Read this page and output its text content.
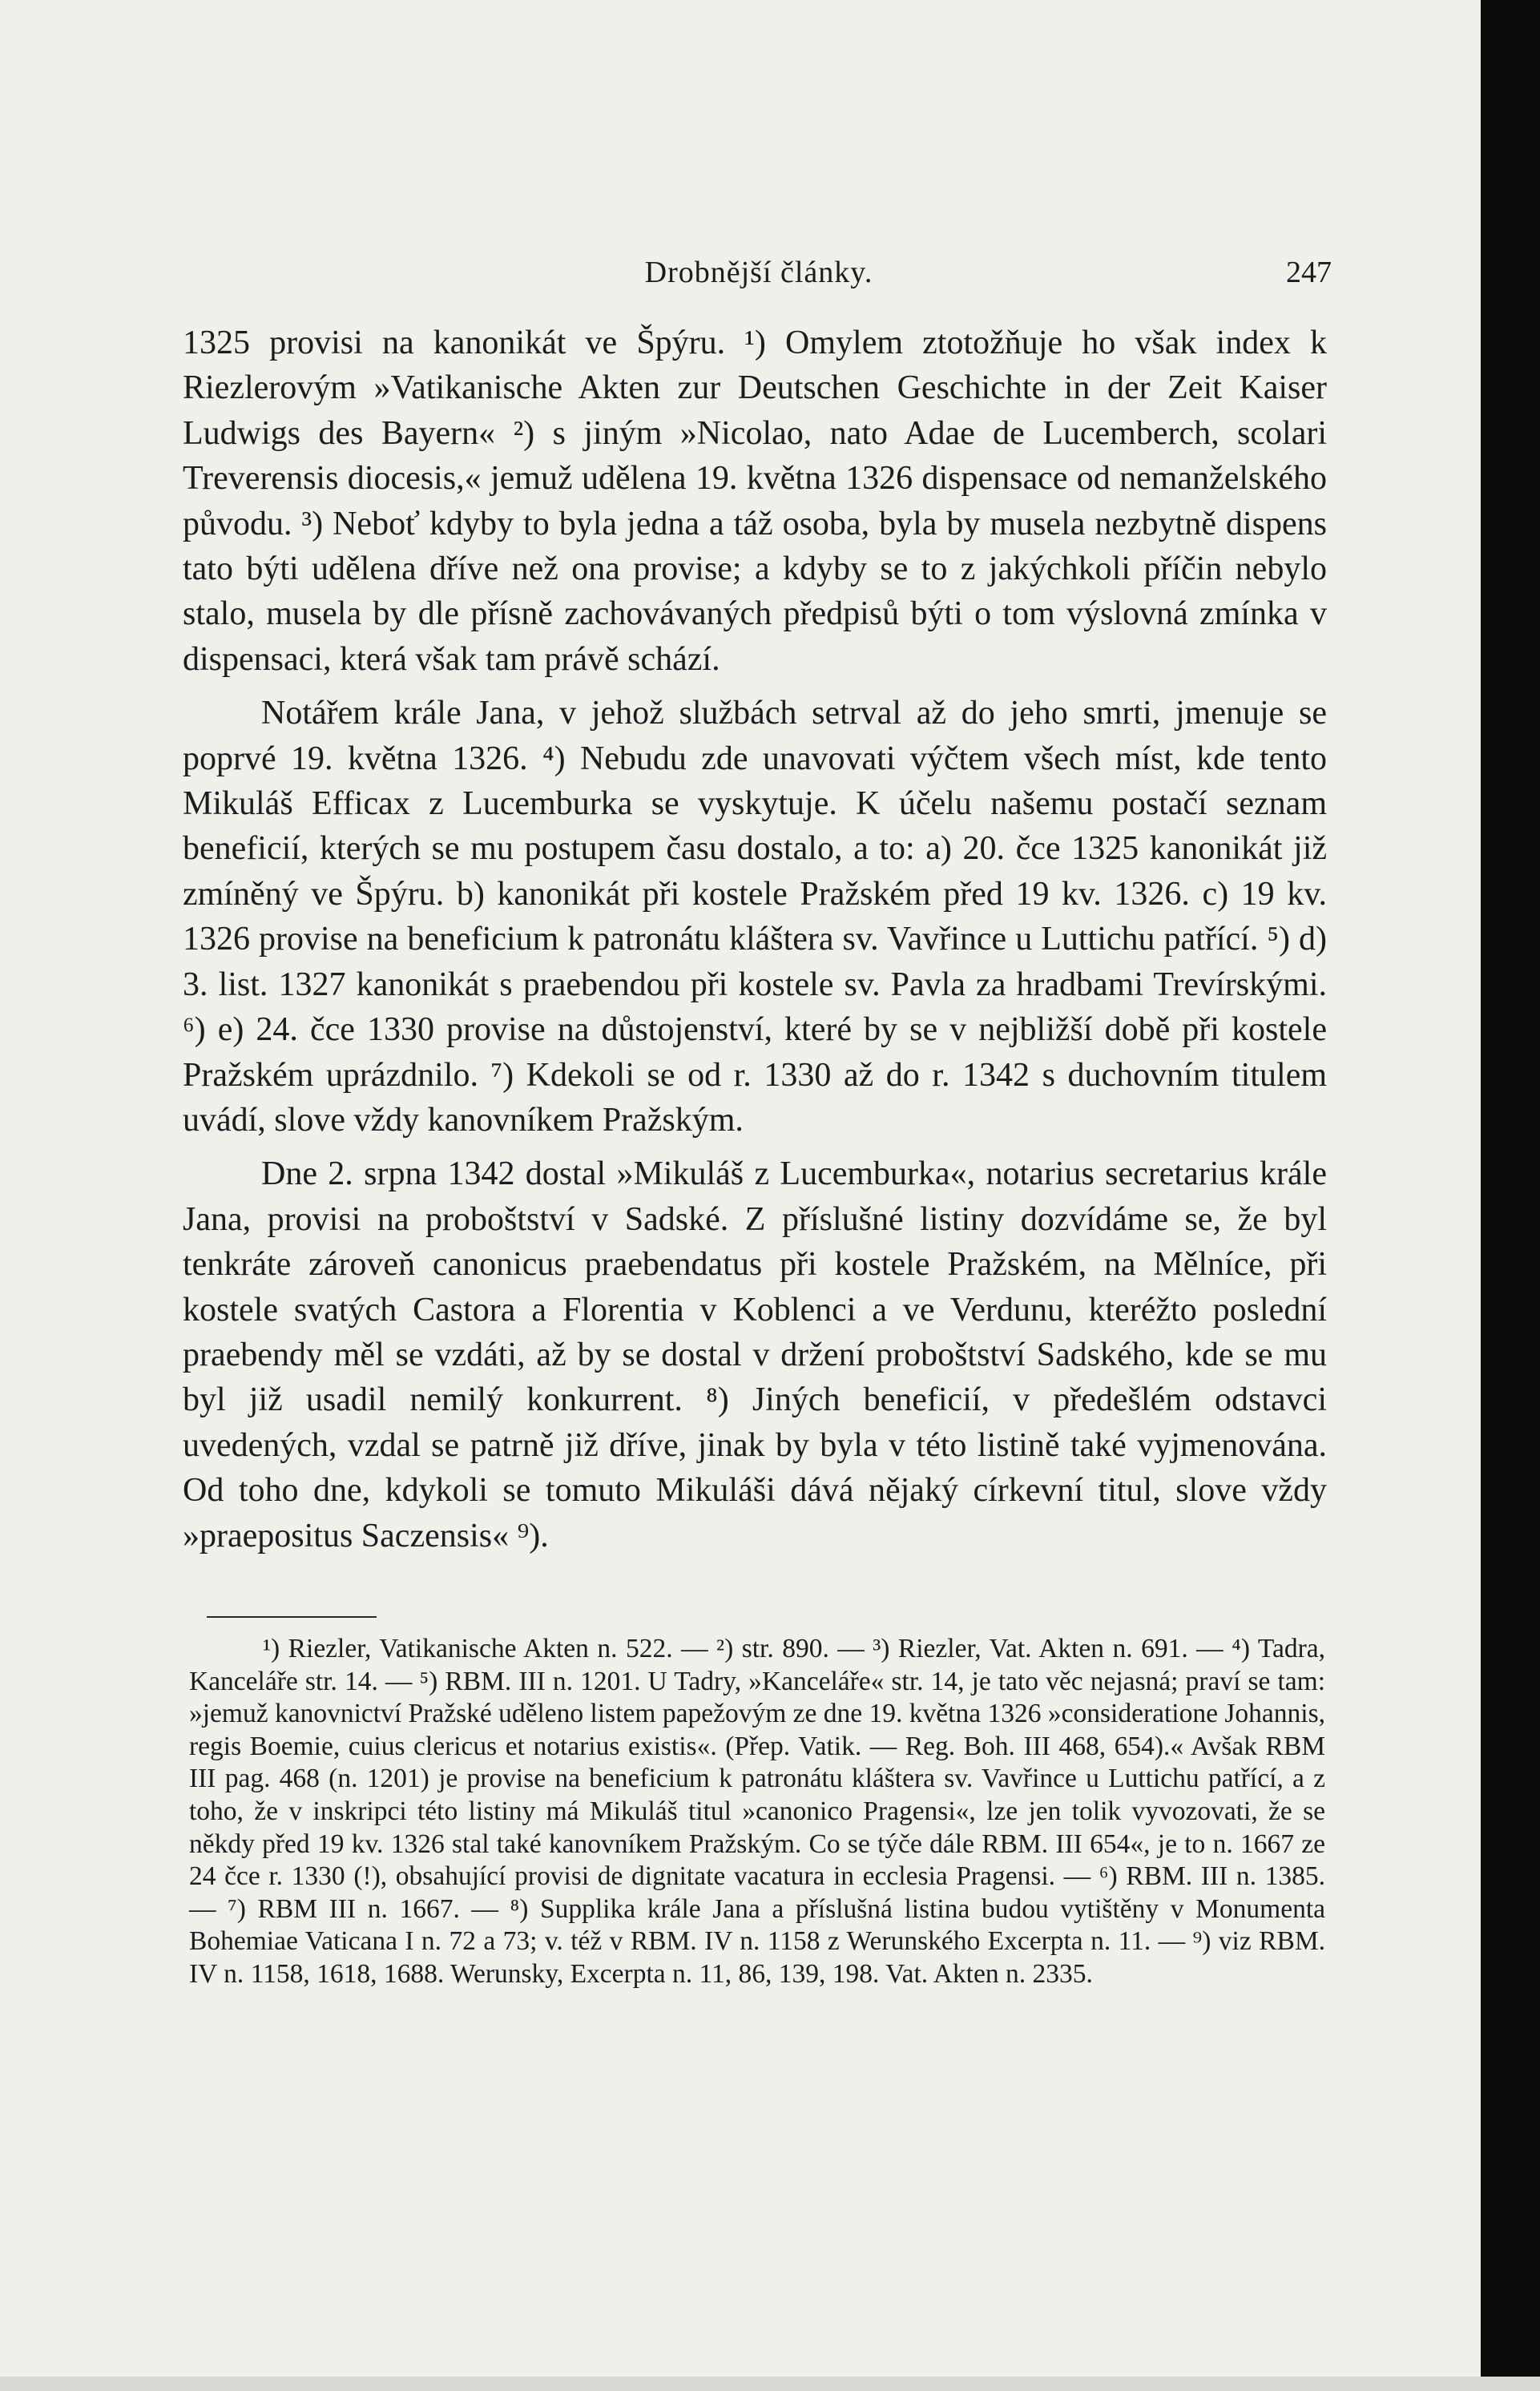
Drobnější články.	247

1325 provisi na kanonikát ve Špýru. ¹) Omylem ztotožňuje ho však index k Riezlerovým »Vatikanische Akten zur Deutschen Geschichte in der Zeit Kaiser Ludwigs des Bayern« ²) s jiným »Nicolao, nato Adae de Lucemberch, scolari Treverensis diocesis,« jemuž udělena 19. května 1326 dispensace od nemanželského původu. ³) Neboť kdyby to byla jedna a táž osoba, byla by musela nezbytně dispens tato býti udělena dříve než ona provise; a kdyby se to z jakýchkoli příčin nebylo stalo, musela by dle přísně zachovávaných předpisů býti o tom výslovná zmínka v dispensaci, která však tam právě schází.

Notářem krále Jana, v jehož službách setrval až do jeho smrti, jmenuje se poprvé 19. května 1326. ⁴) Nebudu zde unavovati výčtem všech míst, kde tento Mikuláš Efficax z Lucemburka se vyskytuje. K účelu našemu postačí seznam beneficií, kterých se mu postupem času dostalo, a to: a) 20. čce 1325 kanonikát již zmíněný ve Špýru. b) kanonikát při kostele Pražském před 19 kv. 1326. c) 19 kv. 1326 provise na beneficium k patronátu kláštera sv. Vavřince u Luttichu patřící. ⁵) d) 3. list. 1327 kanonikát s praebendou při kostele sv. Pavla za hradbami Trevírskými. ⁶) e) 24. čce 1330 provise na důstojenství, které by se v nejbližší době při kostele Pražském uprázdnilo. ⁷) Kdekoli se od r. 1330 až do r. 1342 s duchovním titulem uvádí, slove vždy kanovníkem Pražským.

Dne 2. srpna 1342 dostal »Mikuláš z Lucemburka«, notarius secretarius krále Jana, provisi na proboštství v Sadské. Z příslušné listiny dozvídáme se, že byl tenkráte zároveň canonicus praebendatus při kostele Pražském, na Mělníce, při kostele svatých Castora a Florentia v Koblenci a ve Verdunu, kteréžto poslední praebendy měl se vzdáti, až by se dostal v držení proboštství Sadského, kde se mu byl již usadil nemilý konkurrent. ⁸) Jiných beneficií, v předešlém odstavci uvedených, vzdal se patrně již dříve, jinak by byla v této listině také vyjmenována. Od toho dne, kdykoli se tomuto Mikuláši dává nějaký církevní titul, slove vždy »praepositus Saczensis« ⁹).

¹) Riezler, Vatikanische Akten n. 522. — ²) str. 890. — ³) Riezler, Vat. Akten n. 691. — ⁴) Tadra, Kanceláře str. 14. — ⁵) RBM. III n. 1201. U Tadry, »Kanceláře« str. 14, je tato věc nejasná; praví se tam: »jemuž kanovnictví Pražské uděleno listem papežovým ze dne 19. května 1326 »consideratione Johannis, regis Boemie, cuius clericus et notarius existis«. (Přep. Vatik. — Reg. Boh. III 468, 654).« Avšak RBM III pag. 468 (n. 1201) je provise na beneficium k patronátu kláštera sv. Vavřince u Luttichu patřící, a z toho, že v inskripci této listiny má Mikuláš titul »canonico Pragensi«, lze jen tolik vyvozovati, že se někdy před 19 kv. 1326 stal také kanovníkem Pražským. Co se týče dále RBM. III 654«, je to n. 1667 ze 24 čce r. 1330 (!), obsahující provisi de dignitate vacatura in ecclesia Pragensi. — ⁶) RBM. III n. 1385. — ⁷) RBM III n. 1667. — ⁸) Supplika krále Jana a příslušná listina budou vytištěny v Monumenta Bohemiae Vaticana I n. 72 a 73; v. též v RBM. IV n. 1158 z Werunského Excerpta n. 11. — ⁹) viz RBM. IV n. 1158, 1618, 1688. Werunsky, Excerpta n. 11, 86, 139, 198. Vat. Akten n. 2335.
